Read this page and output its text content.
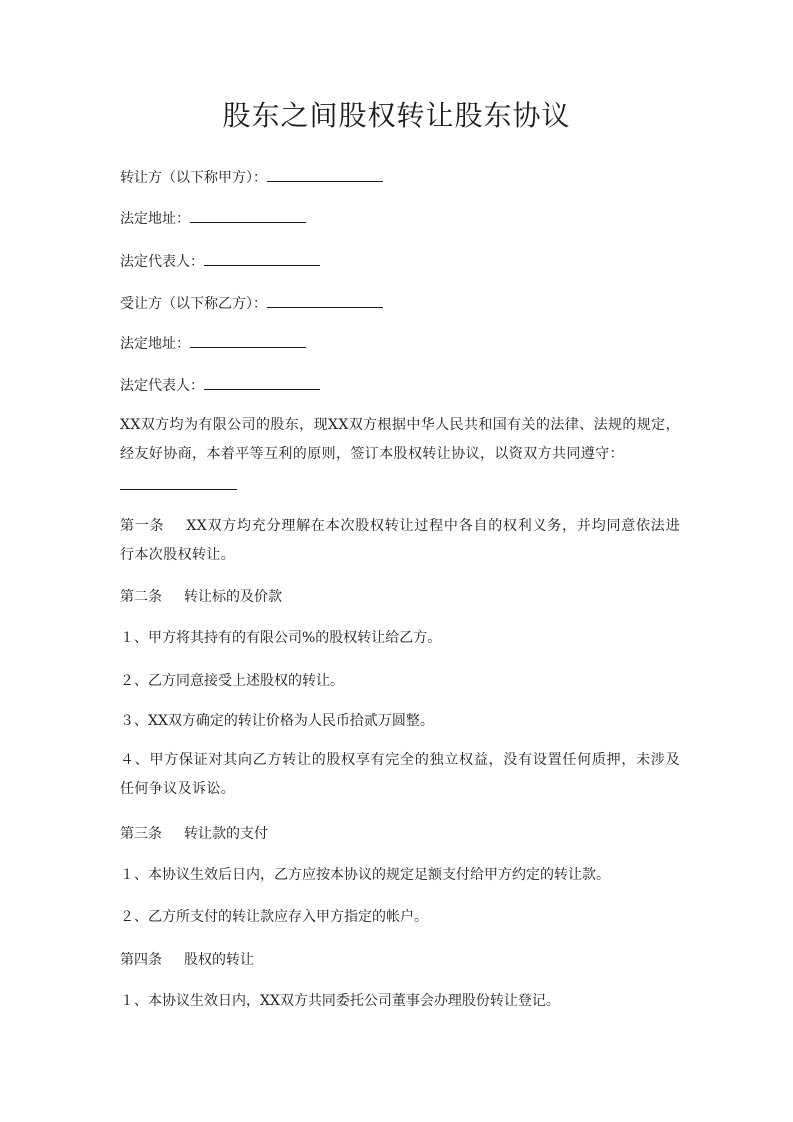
股东之间股权转让股东协议
转让方（以下称甲方）：
法定地址：
法定代表人：
受让方（以下称乙方）：
法定地址：
法定代表人：
XX双方均为有限公司的股东，现XX双方根据中华人民共和国有关的法律、法规的规定，经友好协商，本着平等互利的原则，签订本股权转让协议，以资双方共同遵守：
第一条 XX双方均充分理解在本次股权转让过程中各自的权利义务，并均同意依法进行本次股权转让。
第二条 转让标的及价款
１、甲方将其持有的有限公司%的股权转让给乙方。
２、乙方同意接受上述股权的转让。
３、XX双方确定的转让价格为人民币拾贰万圆整。
４、甲方保证对其向乙方转让的股权享有完全的独立权益，没有设置任何质押，未涉及任何争议及诉讼。
第三条 转让款的支付
１、本协议生效后日内，乙方应按本协议的规定足额支付给甲方约定的转让款。
２、乙方所支付的转让款应存入甲方指定的帐户。
第四条 股权的转让
１、本协议生效日内，XX双方共同委托公司董事会办理股份转让登记。
